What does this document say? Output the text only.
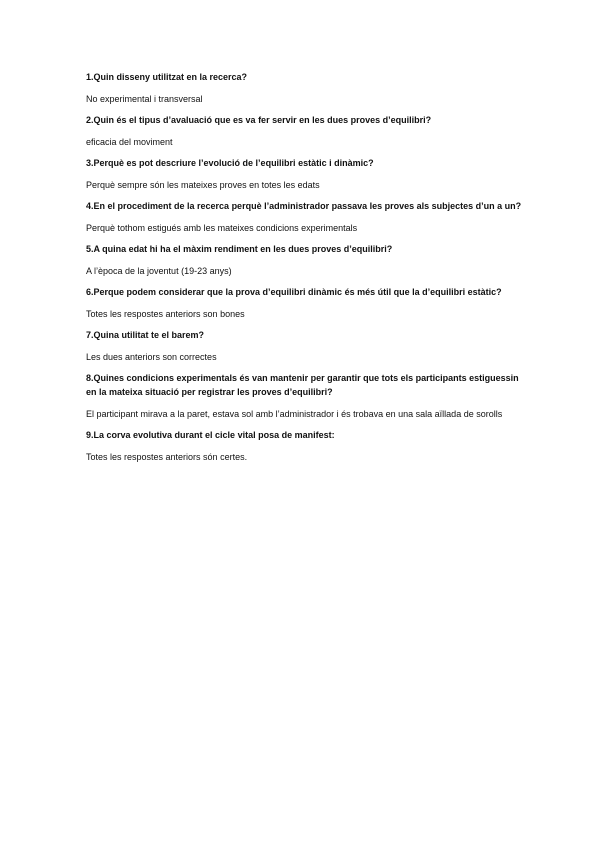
1.Quin disseny utilitzat en la recerca?

No experimental i transversal

2.Quin és el tipus d’avaluació que es va fer servir en les dues proves d’equilibri?

eficacia del moviment

3.Perquè es pot descriure l’evolució de l’equilibri estàtic i dinàmic?

Perquè sempre són les mateixes proves en totes les edats

4.En el procediment de la recerca perquè l’administrador passava les proves als subjectes d’un a un?

Perquè tothom estigués amb les mateixes condicions experimentals

5.A quina edat hi ha el màxim rendiment en les dues proves d’equilibri?

A l’època de la joventut (19-23 anys)

6.Perque podem considerar que la prova d’equilibri dinàmic és més útil que la d’equilibri estàtic?

Totes les respostes anteriors son bones

7.Quina utilitat te el barem?

Les dues anteriors son correctes

8.Quines condicions experimentals és van mantenir per garantir que tots els participants estiguessin en la mateixa situació per registrar les proves d’equilibri?

El participant mirava a la paret, estava sol amb l’administrador i és trobava en una sala aïllada de sorolls

9.La corva evolutiva durant el cicle vital posa de manifest:

Totes les respostes anteriors són certes.
